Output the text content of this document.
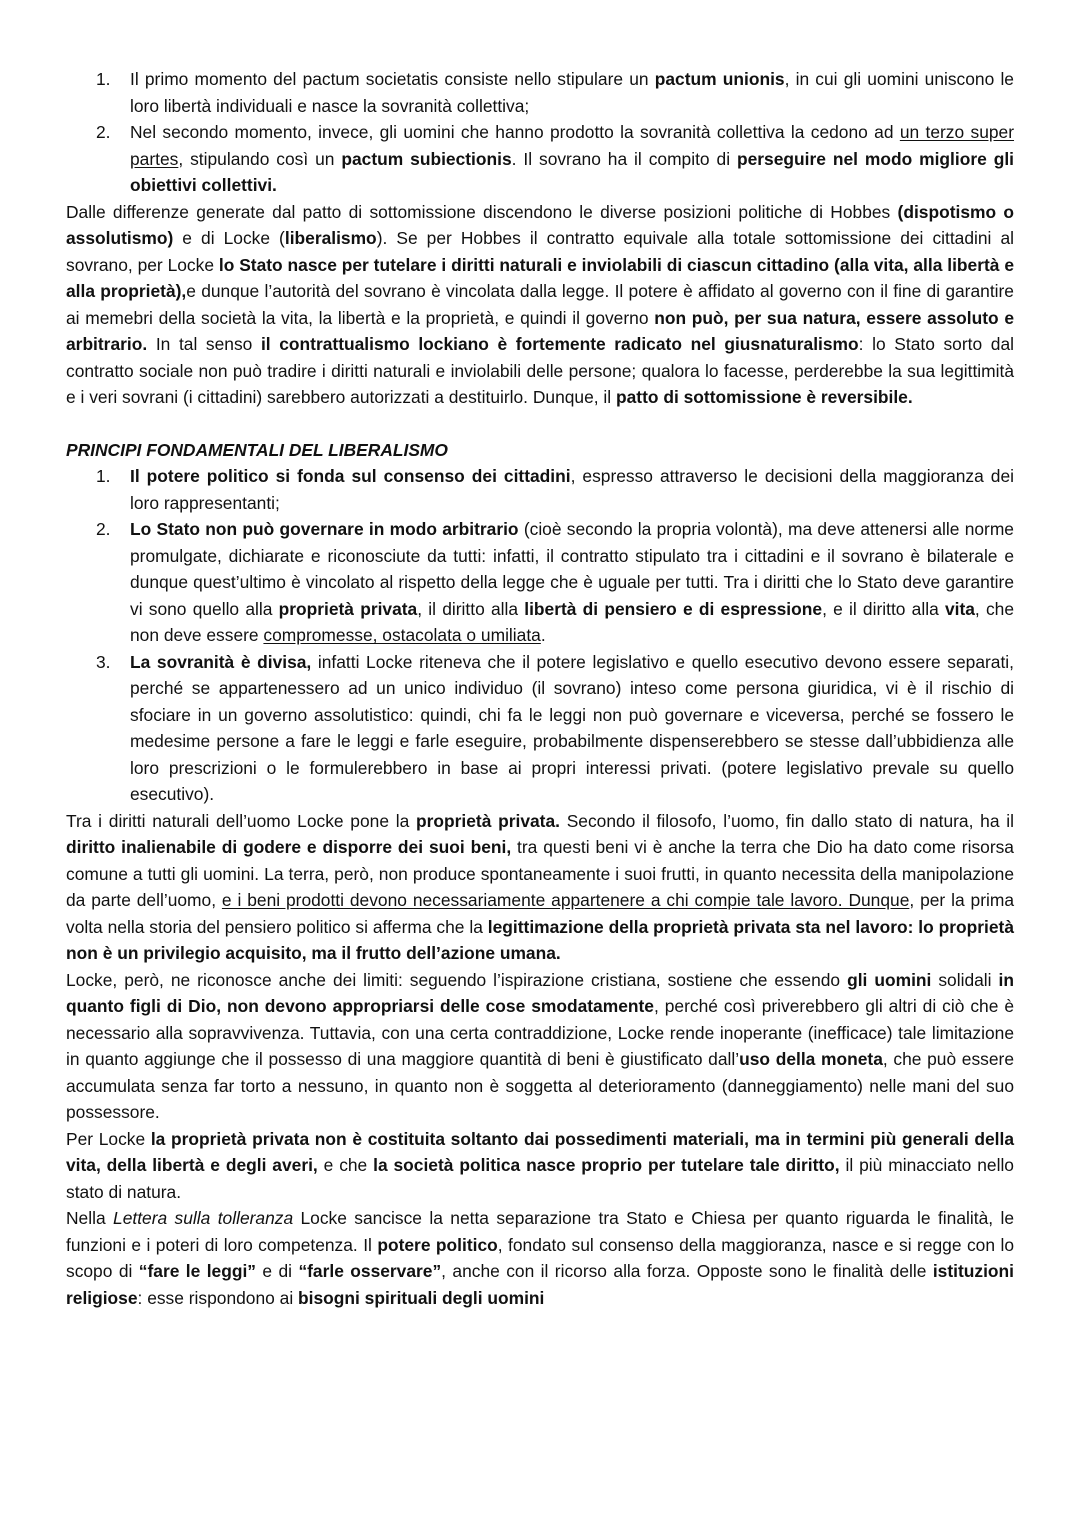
1. Il primo momento del pactum societatis consiste nello stipulare un pactum unionis, in cui gli uomini uniscono le loro libertà individuali e nasce la sovranità collettiva;
2. Nel secondo momento, invece, gli uomini che hanno prodotto la sovranità collettiva la cedono ad un terzo super partes, stipulando così un pactum subiectionis. Il sovrano ha il compito di perseguire nel modo migliore gli obiettivi collettivi.

Dalle differenze generate dal patto di sottomissione discendono le diverse posizioni politiche di Hobbes (dispotismo o assolutismo) e di Locke (liberalismo). Se per Hobbes il contratto equivale alla totale sottomissione dei cittadini al sovrano, per Locke lo Stato nasce per tutelare i diritti naturali e inviolabili di ciascun cittadino (alla vita, alla libertà e alla proprietà),e dunque l’autorità del sovrano è vincolata dalla legge. Il potere è affidato al governo con il fine di garantire ai memebri della società la vita, la libertà e la proprietà, e quindi il governo non può, per sua natura, essere assoluto e arbitrario. In tal senso il contrattualismo lockiano è fortemente radicato nel giusnaturalismo: lo Stato sorto dal contratto sociale non può tradire i diritti naturali e inviolabili delle persone; qualora lo facesse, perderebbe la sua legittimità e i veri sovrani (i cittadini) sarebbero autorizzati a destituirlo. Dunque, il patto di sottomissione è reversibile.

PRINCIPI FONDAMENTALI DEL LIBERALISMO

1. Il potere politico si fonda sul consenso dei cittadini, espresso attraverso le decisioni della maggioranza dei loro rappresentanti;
2. Lo Stato non può governare in modo arbitrario (cioè secondo la propria volontà), ma deve attenersi alle norme promulgate, dichiarate e riconosciute da tutti: infatti, il contratto stipulato tra i cittadini e il sovrano è bilaterale e dunque quest’ultimo è vincolato al rispetto della legge che è uguale per tutti. Tra i diritti che lo Stato deve garantire vi sono quello alla proprietà privata, il diritto alla libertà di pensiero e di espressione, e il diritto alla vita, che non deve essere compromesse, ostacolata o umiliata.
3. La sovranità è divisa, infatti Locke riteneva che il potere legislativo e quello esecutivo devono essere separati, perché se appartenessero ad un unico individuo (il sovrano) inteso come persona giuridica, vi è il rischio di sfociare in un governo assolutistico: quindi, chi fa le leggi non può governare e viceversa, perché se fossero le medesime persone a fare le leggi e farle eseguire, probabilmente dispenserebbero se stesse dall’ubbidienza alle loro prescrizioni o le formulerebbero in base ai propri interessi privati. (potere legislativo prevale su quello esecutivo).

Tra i diritti naturali dell’uomo Locke pone la proprietà privata. Secondo il filosofo, l’uomo, fin dallo stato di natura, ha il diritto inalienabile di godere e disporre dei suoi beni, tra questi beni vi è anche la terra che Dio ha dato come risorsa comune a tutti gli uomini. La terra, però, non produce spontaneamente i suoi frutti, in quanto necessita della manipolazione da parte dell’uomo, e i beni prodotti devono necessariamente appartenere a chi compie tale lavoro. Dunque, per la prima volta nella storia del pensiero politico si afferma che la legittimazione della proprietà privata sta nel lavoro: lo proprietà non è un privilegio acquisito, ma il frutto dell’azione umana.

Locke, però, ne riconosce anche dei limiti: seguendo l’ispirazione cristiana, sostiene che essendo gli uomini solidali in quanto figli di Dio, non devono appropriarsi delle cose smodatamente, perché così priverebbero gli altri di ciò che è necessario alla sopravvivenza. Tuttavia, con una certa contraddizione, Locke rende inoperante (inefficace) tale limitazione in quanto aggiunge che il possesso di una maggiore quantità di beni è giustificato dall’uso della moneta, che può essere accumulata senza far torto a nessuno, in quanto non è soggetta al deterioramento (danneggiamento) nelle mani del suo possessore.

Per Locke la proprietà privata non è costituita soltanto dai possedimenti materiali, ma in termini più generali della vita, della libertà e degli averi, e che la società politica nasce proprio per tutelare tale diritto, il più minacciato nello stato di natura.

Nella Lettera sulla tolleranza Locke sancisce la netta separazione tra Stato e Chiesa per quanto riguarda le finalità, le funzioni e i poteri di loro competenza. Il potere politico, fondato sul consenso della maggioranza, nasce e si regge con lo scopo di “fare le leggi” e di “farle osservare”, anche con il ricorso alla forza. Opposte sono le finalità delle istituzioni religiose: esse rispondono ai bisogni spirituali degli uomini
